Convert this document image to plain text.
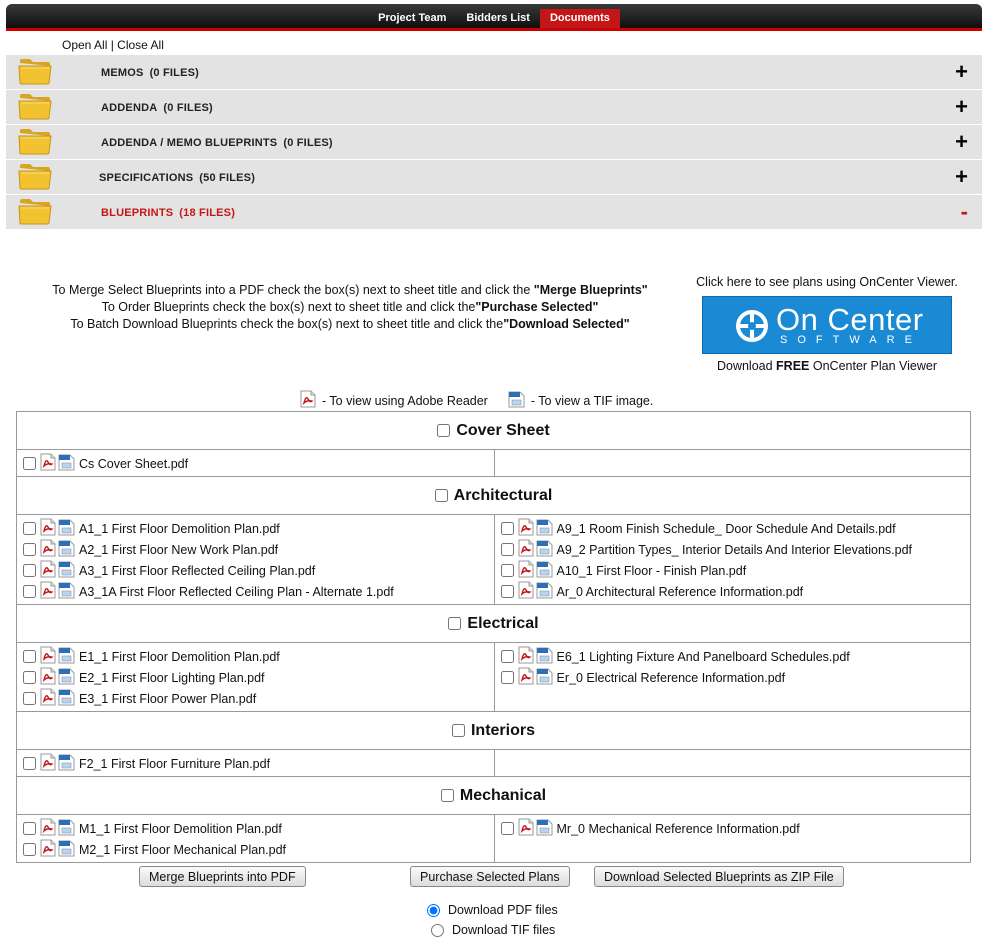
Project Team	Bidders List	Documents
Open All | Close All
MEMOS (0 FILES)	+
ADDENDA (0 FILES)	+
ADDENDA / MEMO BLUEPRINTS (0 FILES)	+
SPECIFICATIONS (50 FILES)	+
BLUEPRINTS (18 FILES)	-
To Merge Select Blueprints into a PDF check the box(s) next to sheet title and click the "Merge Blueprints"
To Order Blueprints check the box(s) next to sheet title and click the"Purchase Selected"
To Batch Download Blueprints check the box(s) next to sheet title and click the"Download Selected"
Click here to see plans using OnCenter Viewer.
On Center
SOFTWARE
Download FREE OnCenter Plan Viewer
- To view using Adobe Reader	- To view a TIF image.
Cover Sheet
Cs Cover Sheet.pdf
Architectural
A1_1 First Floor Demolition Plan.pdf
A2_1 First Floor New Work Plan.pdf
A3_1 First Floor Reflected Ceiling Plan.pdf
A3_1A First Floor Reflected Ceiling Plan - Alternate 1.pdf
A9_1 Room Finish Schedule_ Door Schedule And Details.pdf
A9_2 Partition Types_ Interior Details And Interior Elevations.pdf
A10_1 First Floor - Finish Plan.pdf
Ar_0 Architectural Reference Information.pdf
Electrical
E1_1 First Floor Demolition Plan.pdf
E2_1 First Floor Lighting Plan.pdf
E3_1 First Floor Power Plan.pdf
E6_1 Lighting Fixture And Panelboard Schedules.pdf
Er_0 Electrical Reference Information.pdf
Interiors
F2_1 First Floor Furniture Plan.pdf
Mechanical
M1_1 First Floor Demolition Plan.pdf
M2_1 First Floor Mechanical Plan.pdf
Mr_0 Mechanical Reference Information.pdf
Merge Blueprints into PDF	Purchase Selected Plans	Download Selected Blueprints as ZIP File
Download PDF files
Download TIF files
